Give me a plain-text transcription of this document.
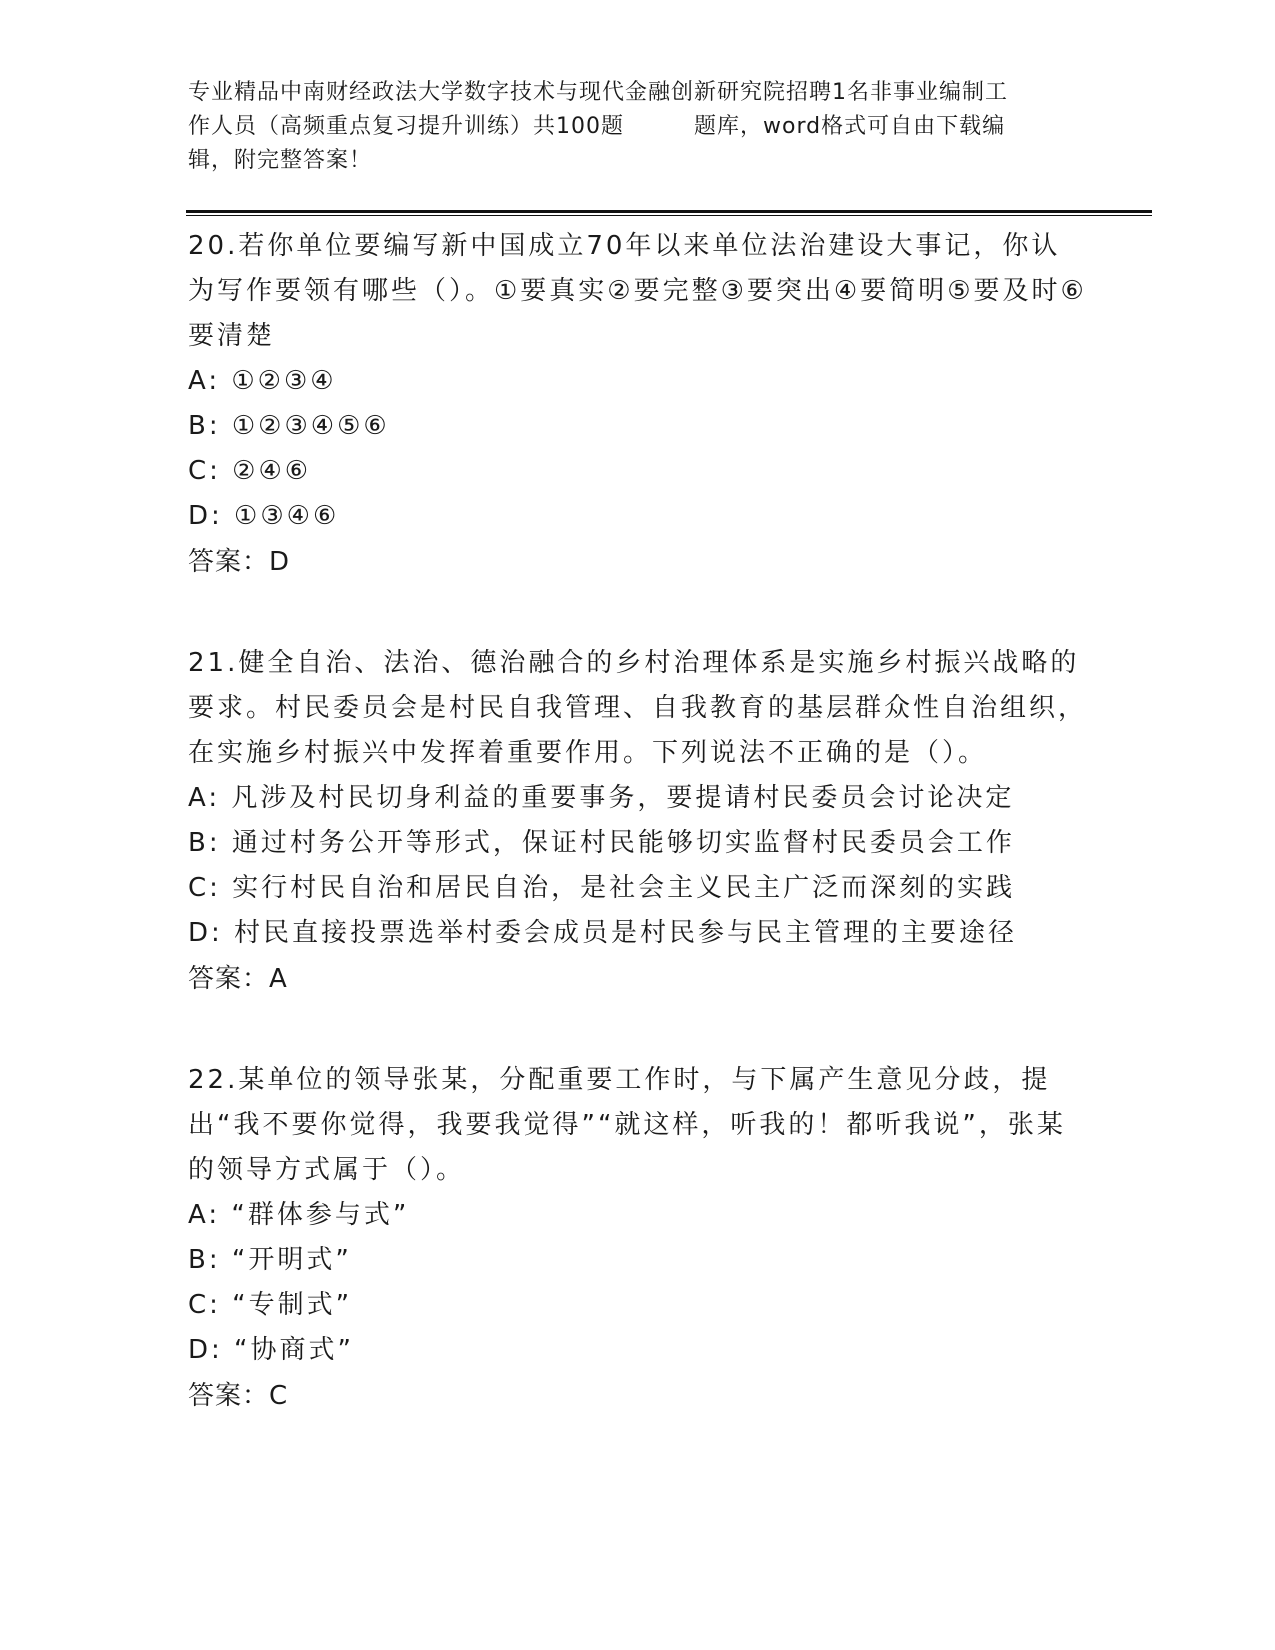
专业精品中南财经政法大学数字技术与现代金融创新研究院招聘1名非事业编制工
作人员（高频重点复习提升训练）共100题	题库，word格式可自由下载编
辑，附完整答案！
20.若你单位要编写新中国成立70年以来单位法治建设大事记，你认为写作要领有哪些（）。①要真实②要完整③要突出④要简明⑤要及时⑥要清楚
A: ①②③④
B: ①②③④⑤⑥
C: ②④⑥
D: ①③④⑥
答案：D
21.健全自治、法治、德治融合的乡村治理体系是实施乡村振兴战略的要求。村民委员会是村民自我管理、自我教育的基层群众性自治组织，在实施乡村振兴中发挥着重要作用。下列说法不正确的是（）。
A: 凡涉及村民切身利益的重要事务，要提请村民委员会讨论决定
B: 通过村务公开等形式，保证村民能够切实监督村民委员会工作
C: 实行村民自治和居民自治，是社会主义民主广泛而深刻的实践
D: 村民直接投票选举村委会成员是村民参与民主管理的主要途径
答案：A
22.某单位的领导张某，分配重要工作时，与下属产生意见分歧，提出“我不要你觉得，我要我觉得”“就这样，听我的！都听我说”，张某的领导方式属于（）。
A: “群体参与式”
B: “开明式”
C: “专制式”
D: “协商式”
答案：C
